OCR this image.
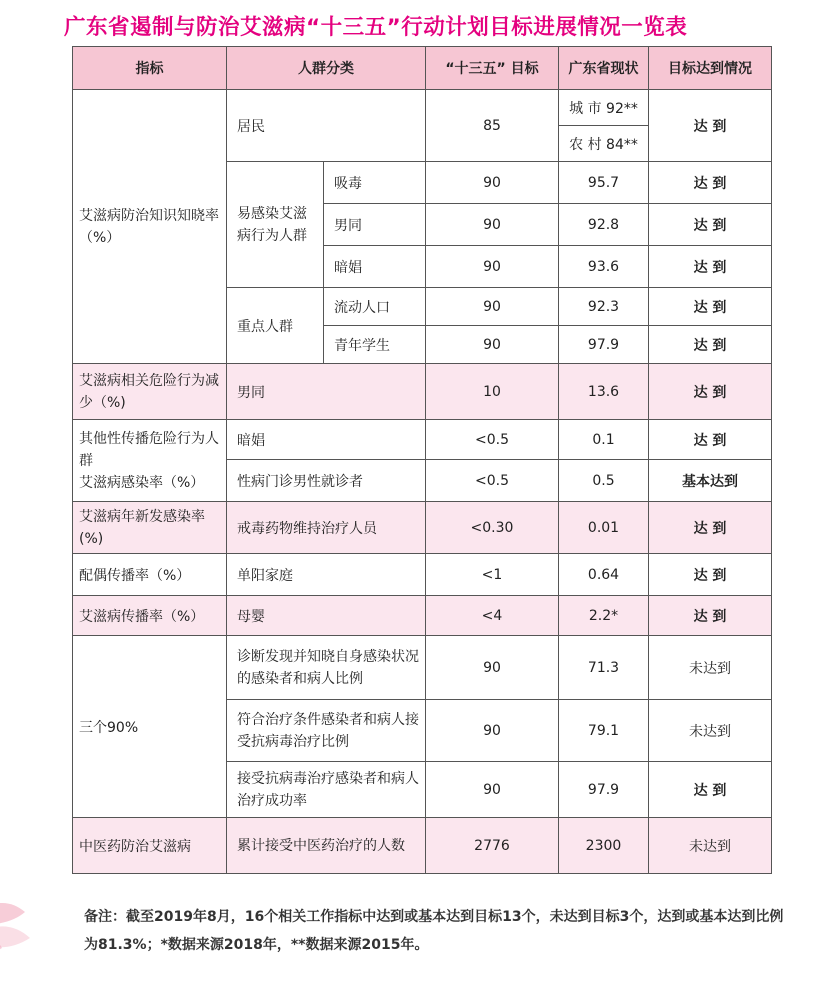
广东省遏制与防治艾滋病“十三五”行动计划目标进展情况一览表
指标	人群分类		“十三五” 目标	广东省现状	目标达到情况
艾滋病防治知识知晓率（%）	居民		85	城 市 92**	达 到
				农 村 84**	
	易感染艾滋病行为人群	吸毒	90	95.7	达 到
		男同	90	92.8	达 到
		暗娼	90	93.6	达 到
	重点人群	流动人口	90	92.3	达 到
		青年学生	90	97.9	达 到
艾滋病相关危险行为减少（%)	男同		10	13.6	达 到

其他性传播危险行为人群
艾滋病感染率（%）	暗娼		<0.5	0.1	达 到
	性病门诊男性就诊者		<0.5	0.5	基本达到
艾滋病年新发感染率(%)	戒毒药物维持治疗人员		<0.30	0.01	达 到
配偶传播率（%）	单阳家庭		<1	0.64	达 到
艾滋病传播率（%）	母婴		<4	2.2*	达 到
三个90%	诊断发现并知晓自身感染状况的感染者和病人比例		90	71.3	未达到
	符合治疗条件感染者和病人接受抗病毒治疗比例		90	79.1	未达到
	接受抗病毒治疗感染者和病人治疗成功率		90	97.9	达 到
中医药防治艾滋病	累计接受中医药治疗的人数		2776	2300	未达到
备注：截至2019年8月，16个相关工作指标中达到或基本达到目标13个，未达到目标3个，达到或基本达到比例为81.3%；*数据来源2018年，**数据来源2015年。
